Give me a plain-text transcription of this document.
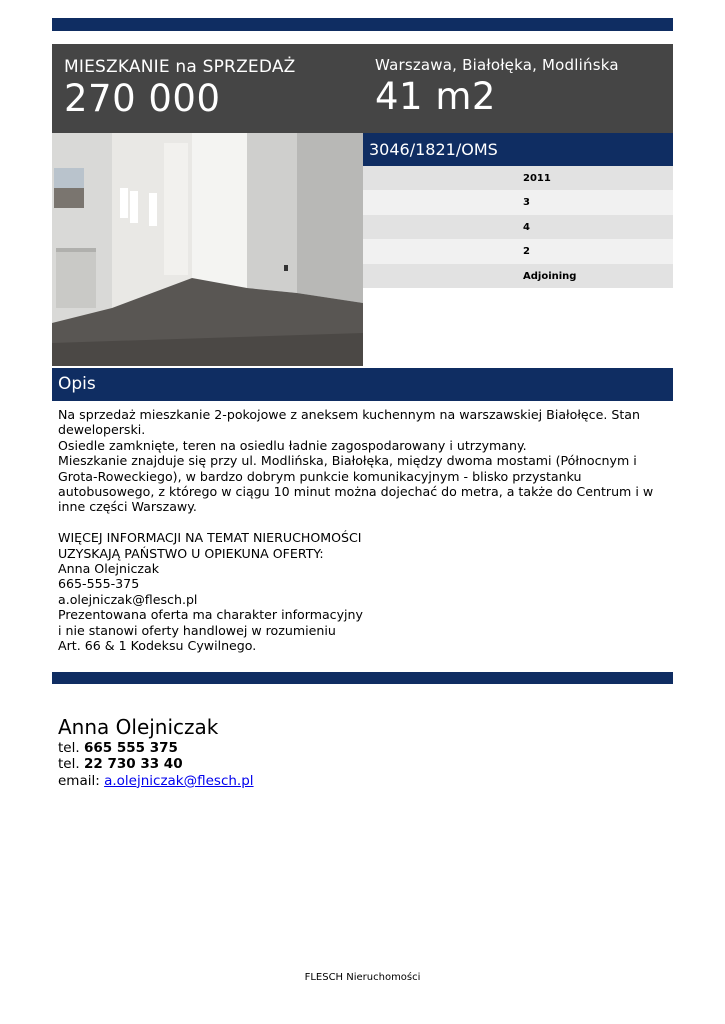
MIESZKANIE na SPRZEDAŻ
270 000
Warszawa, Białołęka, Modlińska
41 m2
3046/1821/OMS
2011
3
4
2
Adjoining
Opis

Na sprzedaż mieszkanie 2-pokojowe z aneksem kuchennym na warszawskiej Białołęce. Stan deweloperski.

Osiedle zamknięte, teren na osiedlu ładnie zagospodarowany i utrzymany.

Mieszkanie znajduje się przy ul. Modlińska, Białołęka, między dwoma mostami (Północnym i Grota-Roweckiego), w bardzo dobrym punkcie komunikacyjnym - blisko przystanku autobusowego, z którego w ciągu 10 minut można dojechać do metra, a także do Centrum i w inne części Warszawy.

WIĘCEJ INFORMACJI NA TEMAT NIERUCHOMOŚCI

UZYSKAJĄ PAŃSTWO U OPIEKUNA OFERTY:

Anna Olejniczak

665-555-375

a.olejniczak@flesch.pl

Prezentowana oferta ma charakter informacyjny

i nie stanowi oferty handlowej w rozumieniu

Art. 66 & 1 Kodeksu Cywilnego.

Anna Olejniczak
tel. 665 555 375
tel. 22 730 33 40
email: a.olejniczak@flesch.pl
FLESCH Nieruchomości
